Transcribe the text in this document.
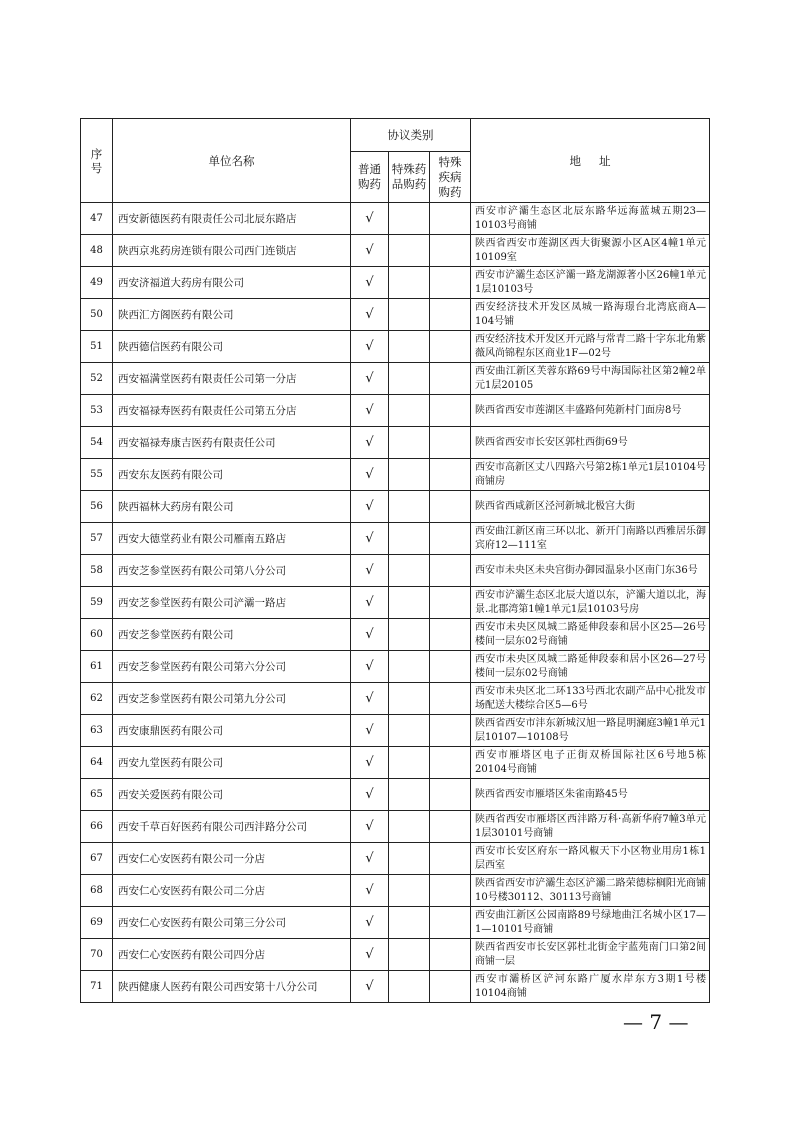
序号	单位名称	协议类别			地址

		普通购药	特殊药品购药	特殊疾病购药	

47	西安新德医药有限责任公司北辰东路店	√			西安市浐灞生态区北辰东路华远海蓝城五期23—10103号商铺
48	陕西京兆药房连锁有限公司西门连锁店	√			陕西省西安市莲湖区西大街聚源小区A区4幢1单元10109室
49	西安济福道大药房有限公司	√			西安市浐灞生态区浐灞一路龙湖源著小区26幢1单元1层10103号
50	陕西汇方阁医药有限公司	√			西安经济技术开发区凤城一路海璟台北湾底商A—104号铺
51	陕西德信医药有限公司	√			西安经济技术开发区开元路与常青二路十字东北角紫薇风尚锦程东区商业1F—02号
52	西安福满堂医药有限责任公司第一分店	√			西安曲江新区芙蓉东路69号中海国际社区第2幢2单元1层20105
53	西安福禄寿医药有限责任公司第五分店	√			陕西省西安市莲湖区丰盛路何苑新村门面房8号
54	西安福禄寿康吉医药有限责任公司	√			陕西省西安市长安区郭杜西街69号
55	西安东友医药有限公司	√			西安市高新区丈八四路六号第2栋1单元1层10104号商铺房
56	陕西福林大药房有限公司	√			陕西省西咸新区泾河新城北极宫大街
57	西安大德堂药业有限公司雁南五路店	√			西安曲江新区南三环以北、新开门南路以西雅居乐御宾府12—111室
58	西安芝参堂医药有限公司第八分公司	√			西安市未央区未央宫街办御园温泉小区南门东36号
59	西安芝参堂医药有限公司浐灞一路店	√			西安市浐灞生态区北辰大道以东，浐灞大道以北，海景.北郡湾第1幢1单元1层10103号房
60	西安芝参堂医药有限公司	√			西安市未央区凤城二路延伸段泰和居小区25—26号楼间一层东02号商铺
61	西安芝参堂医药有限公司第六分公司	√			西安市未央区凤城二路延伸段泰和居小区26—27号楼间一层东02号商铺
62	西安芝参堂医药有限公司第九分公司	√			西安市未央区北二环133号西北农副产品中心批发市场配送大楼综合区5—6号
63	西安康鼎医药有限公司	√			陕西省西安市沣东新城汉旭一路昆明澜庭3幢1单元1层10107—10108号
64	西安九堂医药有限公司	√			西安市雁塔区电子正街双桥国际社区6号地5栋20104号商铺
65	西安关爱医药有限公司	√			陕西省西安市雁塔区朱雀南路45号
66	西安千草百好医药有限公司西沣路分公司	√			陕西省西安市雁塔区西沣路万科·高新华府7幢3单元1层30101号商铺
67	西安仁心安医药有限公司一分店	√			西安市长安区府东一路风椒天下小区物业用房1栋1层西室
68	西安仁心安医药有限公司二分店	√			陕西省西安市浐灞生态区浐灞二路荣德棕榈阳光商铺10号楼30112、30113号商铺
69	西安仁心安医药有限公司第三分公司	√			西安曲江新区公园南路89号绿地曲江名城小区17—1—10101号商铺
70	西安仁心安医药有限公司四分店	√			陕西省西安市长安区郭杜北街金宇蓝苑南门口第2间商铺一层
71	陕西健康人医药有限公司西安第十八分公司	√			西安市灞桥区浐河东路广厦水岸东方3期1号楼10104商铺
— 7 —
